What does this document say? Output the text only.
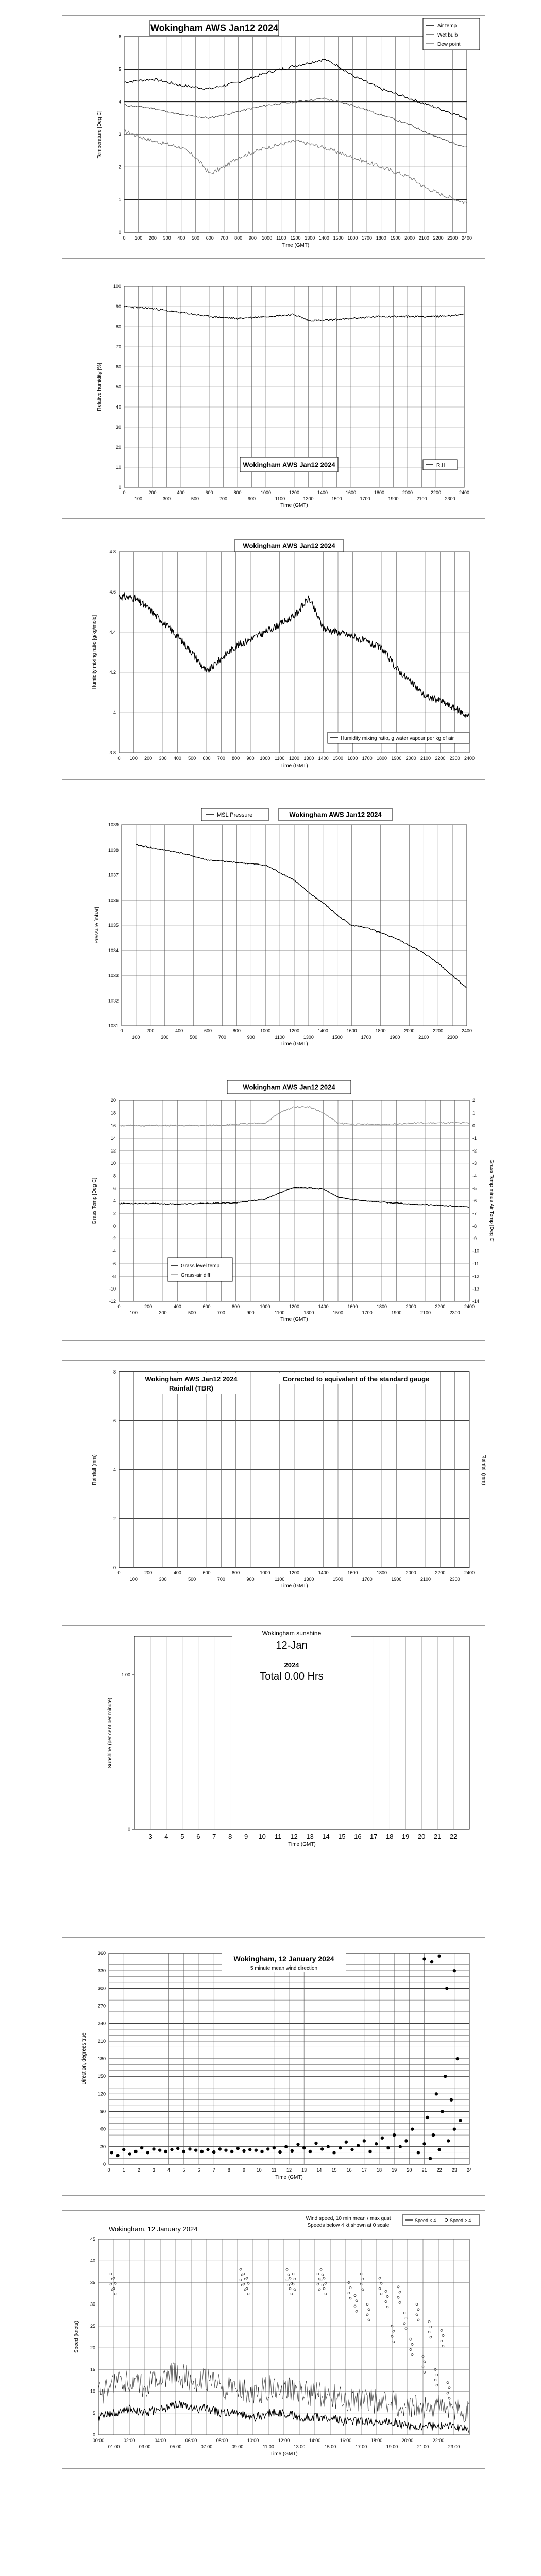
0
1
2
3
4
5
6
0 100 200 300 400 500 600 700 800 900 1000 1100 1200 1300 1400 1500 1600 1700 1800 1900 2000 2100 2200 2300 2400
Time (GMT)
Temperature [Deg C]
Wokingham AWS Jan12 2024	Air temp
Wet bulb
Dew point
0
10
20
30
40
50
60
70
80
90
100
0	200	400	600	800	1000	1200	1400	1600	1800	2000	2200	2400
100	300	500	700	900	1100	1300	1500	1700	1900	2100	2300
Time (GMT)
Relative humidity [%]
Wokingham AWS Jan12 2024	R.H
3.8
4
4.2
4.4
4.6
4.8
0 100 200 300 400 500 600 700 800 900 1000 1100 1200 1300 1400 1500 1600 1700 1800 1900 2000 2100 2200 2300 2400
Time (GMT)
Humidity mixing ratio [g/kg/mole]
Wokingham AWS Jan12 2024
Humidity mixing ratio, g water vapour per kg of air
1031
1032
1033
1034
1035
1036
1037
1038
1039
0	200	400	600	800	1000	1200	1400	1600	1800	2000	2200	2400
100	300	500	700	900	1100	1300	1500	1700	1900	2100	2300
Time (GMT)
Pressure [mbar]
MSL Pressure	Wokingham AWS Jan12 2024
-12
-10
-8
-6
-4
-2
0
2
4
6
8
10
12
14
16
18
20
0	200	400	600	800	1000	1200	1400	1600	1800	2000	2200	2400
100	300	500	700	900	1100	1300	1500	1700	1900	2100	2300
2
1
0
-1
-2
-3
-4
-5
-6
-7
-8
-9
-10
-11
-12
-13
-14
Time (GMT)
Grass Temp [Deg C]	Grass Temp minus Air Temp [Deg C]
Wokingham AWS Jan12 2024
Grass level temp
Grass-air diff
0
2
4
6
8
0	200	400	600	800	1000	1200	1400	1600	1800	2000	2200	2400
100	300	500	700	900	1100	1300	1500	1700	1900	2100	2300
Time (GMT)
Rainfall (mm)	Rainfall (mm)
Wokingham AWS Jan12 2024
Rainfall (TBR)
Corrected to equivalent of the standard gauge
3 4 5 6 7 8 9 10 11 12 13 14 15 16 17 18 19 20 21 22
0
1.00
Time (GMT)
Sunshine (per cent per minute)
Wokingham sunshine
12-Jan
2024
Total 0.00 Hrs
0
30
60
90
120
150
180
210
240
270
300
330
360
0	1	2	3	4	5	6	7	8	9 10 11 12 13 14 15 16 17 18 19 20 21 22 23 24
Time (GMT)
Direction, degrees true
Wokingham, 12 January 2024
5 minute mean wind direction
0
5
10
15
20
25
30
35
40
45
00:00	02:00	04:00	06:00	08:00	10:00	12:00	14:00	16:00	18:00	20:00	22:00
01:00	03:00	05:00	07:00	09:00	11:00	13:00	15:00	17:00	19:00	21:00	23:00
Time (GMT)
Speed (knots)
Wokingham, 12 January 2024
Wind speed, 10 min mean / max gust
Speeds below 4 kt shown at 0 scale
Speed < 4	Speed > 4
